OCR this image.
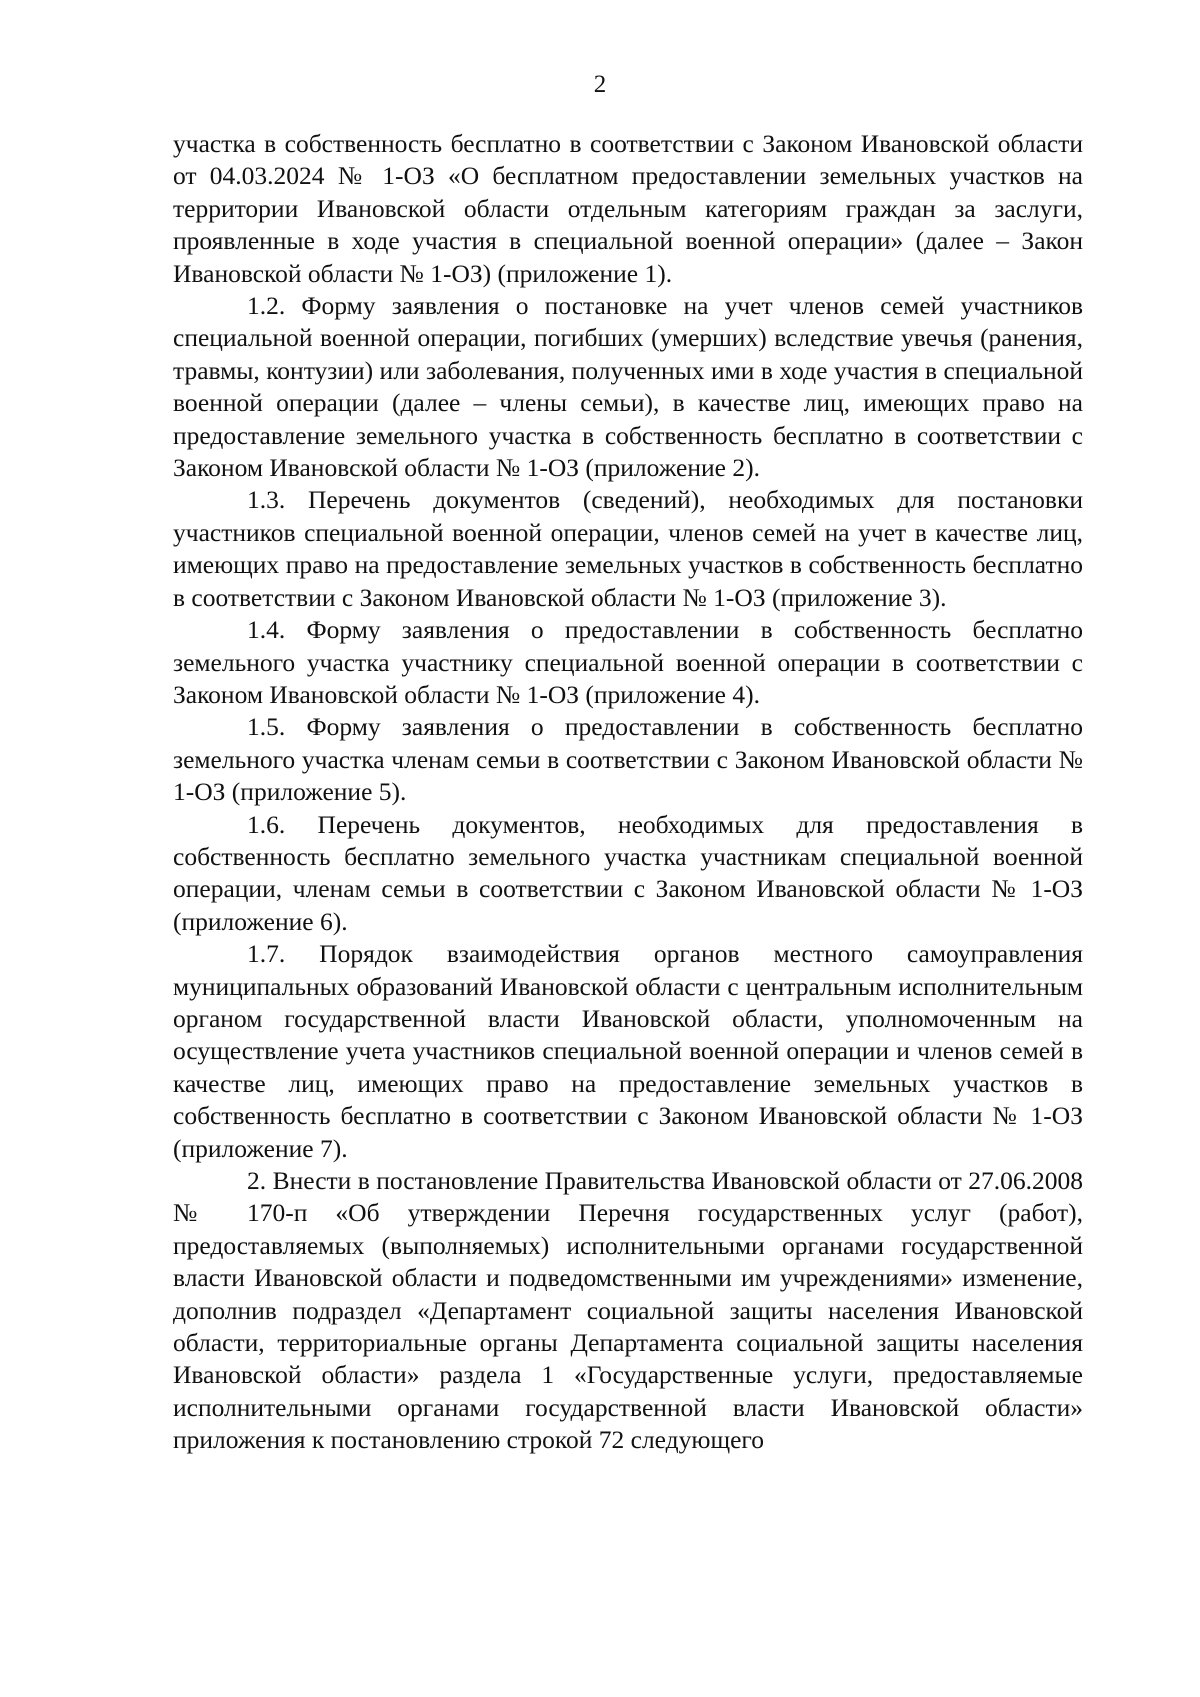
2

участка в собственность бесплатно в соответствии с Законом Ивановской области от 04.03.2024 № 1-ОЗ «О бесплатном предоставлении земельных участков на территории Ивановской области отдельным категориям граждан за заслуги, проявленные в ходе участия в специальной военной операции» (далее – Закон Ивановской области № 1-ОЗ) (приложение 1).

1.2. Форму заявления о постановке на учет членов семей участников специальной военной операции, погибших (умерших) вследствие увечья (ранения, травмы, контузии) или заболевания, полученных ими в ходе участия в специальной военной операции (далее – члены семьи), в качестве лиц, имеющих право на предоставление земельного участка в собственность бесплатно в соответствии с Законом Ивановской области № 1-ОЗ (приложение 2).

1.3. Перечень документов (сведений), необходимых для постановки участников специальной военной операции, членов семей на учет в качестве лиц, имеющих право на предоставление земельных участков в собственность бесплатно в соответствии с Законом Ивановской области № 1-ОЗ (приложение 3).

1.4. Форму заявления о предоставлении в собственность бесплатно земельного участка участнику специальной военной операции в соответствии с Законом Ивановской области № 1-ОЗ (приложение 4).

1.5. Форму заявления о предоставлении в собственность бесплатно земельного участка членам семьи в соответствии с Законом Ивановской области № 1-ОЗ (приложение 5).

1.6. Перечень документов, необходимых для предоставления в собственность бесплатно земельного участка участникам специальной военной операции, членам семьи в соответствии с Законом Ивановской области № 1-ОЗ (приложение 6).

1.7. Порядок взаимодействия органов местного самоуправления муниципальных образований Ивановской области с центральным исполнительным органом государственной власти Ивановской области, уполномоченным на осуществление учета участников специальной военной операции и членов семей в качестве лиц, имеющих право на предоставление земельных участков в собственность бесплатно в соответствии с Законом Ивановской области № 1-ОЗ (приложение 7).

2. Внести в постановление Правительства Ивановской области от 27.06.2008 № 170-п «Об утверждении Перечня государственных услуг (работ), предоставляемых (выполняемых) исполнительными органами государственной власти Ивановской области и подведомственными им учреждениями» изменение, дополнив подраздел «Департамент социальной защиты населения Ивановской области, территориальные органы Департамента социальной защиты населения Ивановской области» раздела 1 «Государственные услуги, предоставляемые исполнительными органами государственной власти Ивановской области» приложения к постановлению строкой 72 следующего
